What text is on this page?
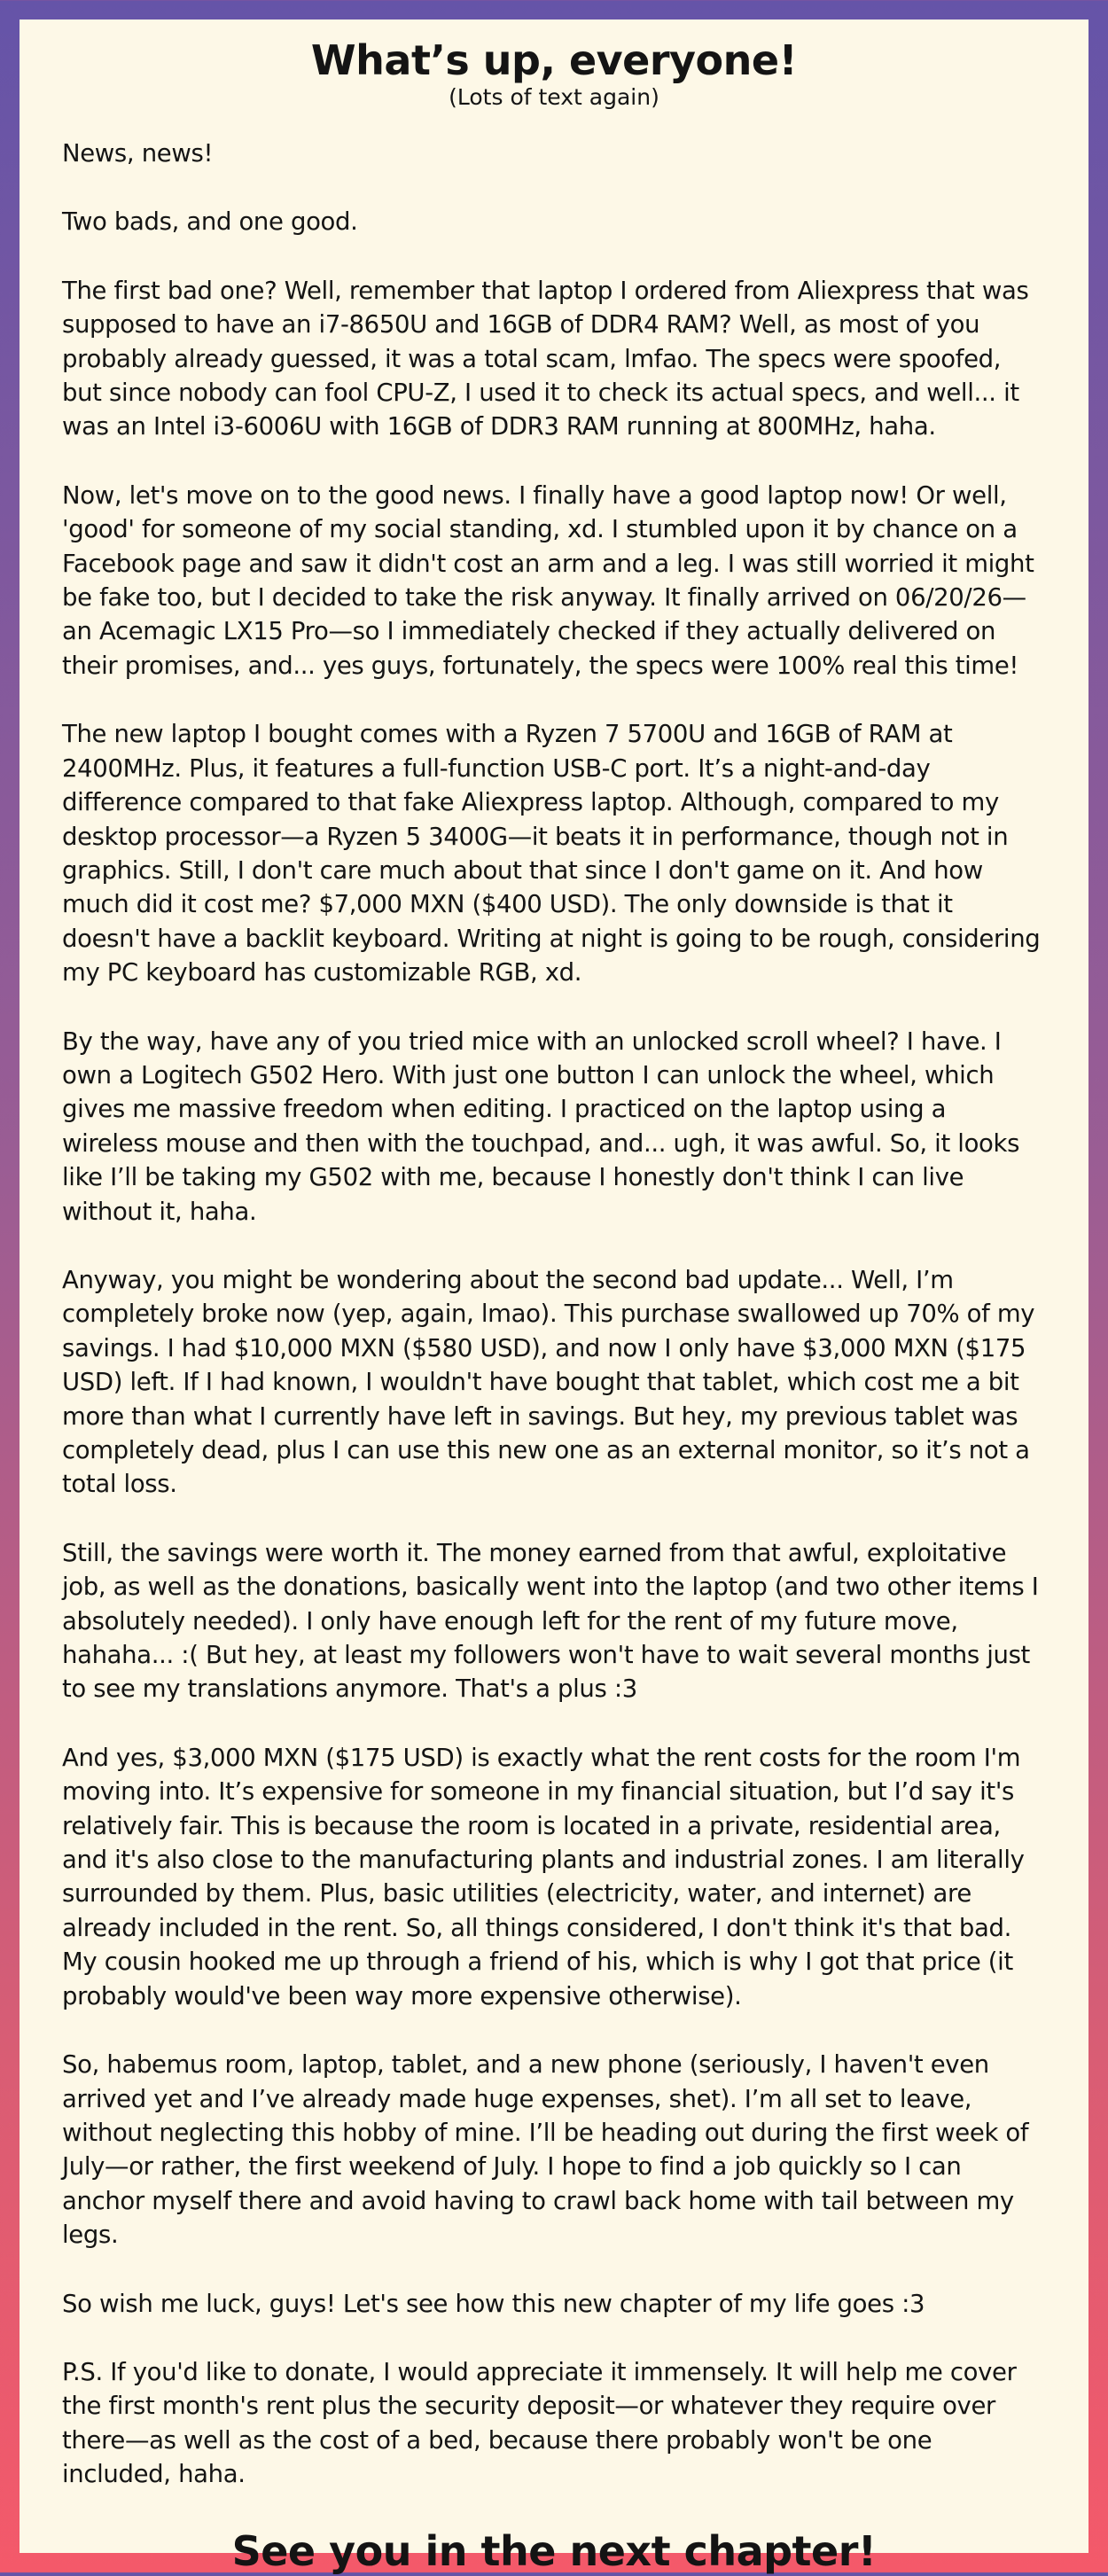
What’s up, everyone!
(Lots of text again)

News, news!

Two bads, and one good.

The first bad one? Well, remember that laptop I ordered from Aliexpress that was supposed to have an i7-8650U and 16GB of DDR4 RAM? Well, as most of you probably already guessed, it was a total scam, lmfao. The specs were spoofed, but since nobody can fool CPU-Z, I used it to check its actual specs, and well... it was an Intel i3-6006U with 16GB of DDR3 RAM running at 800MHz, haha.

Now, let's move on to the good news. I finally have a good laptop now! Or well, 'good' for someone of my social standing, xd. I stumbled upon it by chance on a Facebook page and saw it didn't cost an arm and a leg. I was still worried it might be fake too, but I decided to take the risk anyway. It finally arrived on 06/20/26—an Acemagic LX15 Pro—so I immediately checked if they actually delivered on their promises, and... yes guys, fortunately, the specs were 100% real this time!

The new laptop I bought comes with a Ryzen 7 5700U and 16GB of RAM at 2400MHz. Plus, it features a full-function USB-C port. It’s a night-and-day difference compared to that fake Aliexpress laptop. Although, compared to my desktop processor—a Ryzen 5 3400G—it beats it in performance, though not in graphics. Still, I don't care much about that since I don't game on it. And how much did it cost me? $7,000 MXN ($400 USD). The only downside is that it doesn't have a backlit keyboard. Writing at night is going to be rough, considering my PC keyboard has customizable RGB, xd.

By the way, have any of you tried mice with an unlocked scroll wheel? I have. I own a Logitech G502 Hero. With just one button I can unlock the wheel, which gives me massive freedom when editing. I practiced on the laptop using a wireless mouse and then with the touchpad, and... ugh, it was awful. So, it looks like I’ll be taking my G502 with me, because I honestly don't think I can live without it, haha.

Anyway, you might be wondering about the second bad update... Well, I’m completely broke now (yep, again, lmao). This purchase swallowed up 70% of my savings. I had $10,000 MXN ($580 USD), and now I only have $3,000 MXN ($175 USD) left. If I had known, I wouldn't have bought that tablet, which cost me a bit more than what I currently have left in savings. But hey, my previous tablet was completely dead, plus I can use this new one as an external monitor, so it’s not a total loss.

Still, the savings were worth it. The money earned from that awful, exploitative job, as well as the donations, basically went into the laptop (and two other items I absolutely needed). I only have enough left for the rent of my future move, hahaha... :( But hey, at least my followers won't have to wait several months just to see my translations anymore. That's a plus :3

And yes, $3,000 MXN ($175 USD) is exactly what the rent costs for the room I'm moving into. It’s expensive for someone in my financial situation, but I’d say it's relatively fair. This is because the room is located in a private, residential area, and it's also close to the manufacturing plants and industrial zones. I am literally surrounded by them. Plus, basic utilities (electricity, water, and internet) are already included in the rent. So, all things considered, I don't think it's that bad. My cousin hooked me up through a friend of his, which is why I got that price (it probably would've been way more expensive otherwise).

So, habemus room, laptop, tablet, and a new phone (seriously, I haven't even arrived yet and I’ve already made huge expenses, shet). I’m all set to leave, without neglecting this hobby of mine. I’ll be heading out during the first week of July—or rather, the first weekend of July. I hope to find a job quickly so I can anchor myself there and avoid having to crawl back home with tail between my legs.

So wish me luck, guys! Let's see how this new chapter of my life goes :3

P.S. If you'd like to donate, I would appreciate it immensely. It will help me cover the first month's rent plus the security deposit—or whatever they require over there—as well as the cost of a bed, because there probably won't be one included, haha.

See you in the next chapter!
